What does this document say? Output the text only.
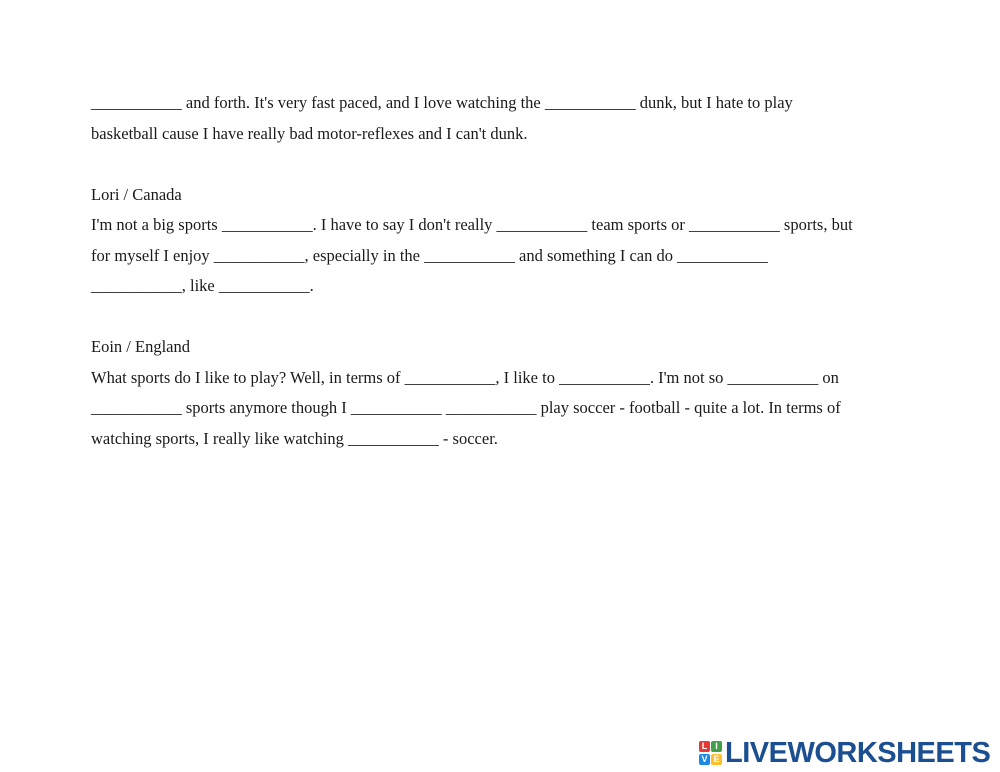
___________ and forth. It's very fast paced, and I love watching the ___________ dunk, but I hate to play
basketball cause I have really bad motor-reflexes and I can't dunk.
Lori / Canada
I'm not a big sports ___________. I have to say I don't really ___________ team sports or ___________ sports, but
for myself I enjoy ___________, especially in the ___________ and something I can do ___________
___________, like ___________.
Eoin / England
What sports do I like to play? Well, in terms of ___________, I like to ___________. I'm not so ___________ on
___________ sports anymore though I ___________ ___________ play soccer - football - quite a lot. In terms of
watching sports, I really like watching ___________ - soccer.
L I
V E LIVEWORKSHEETS
